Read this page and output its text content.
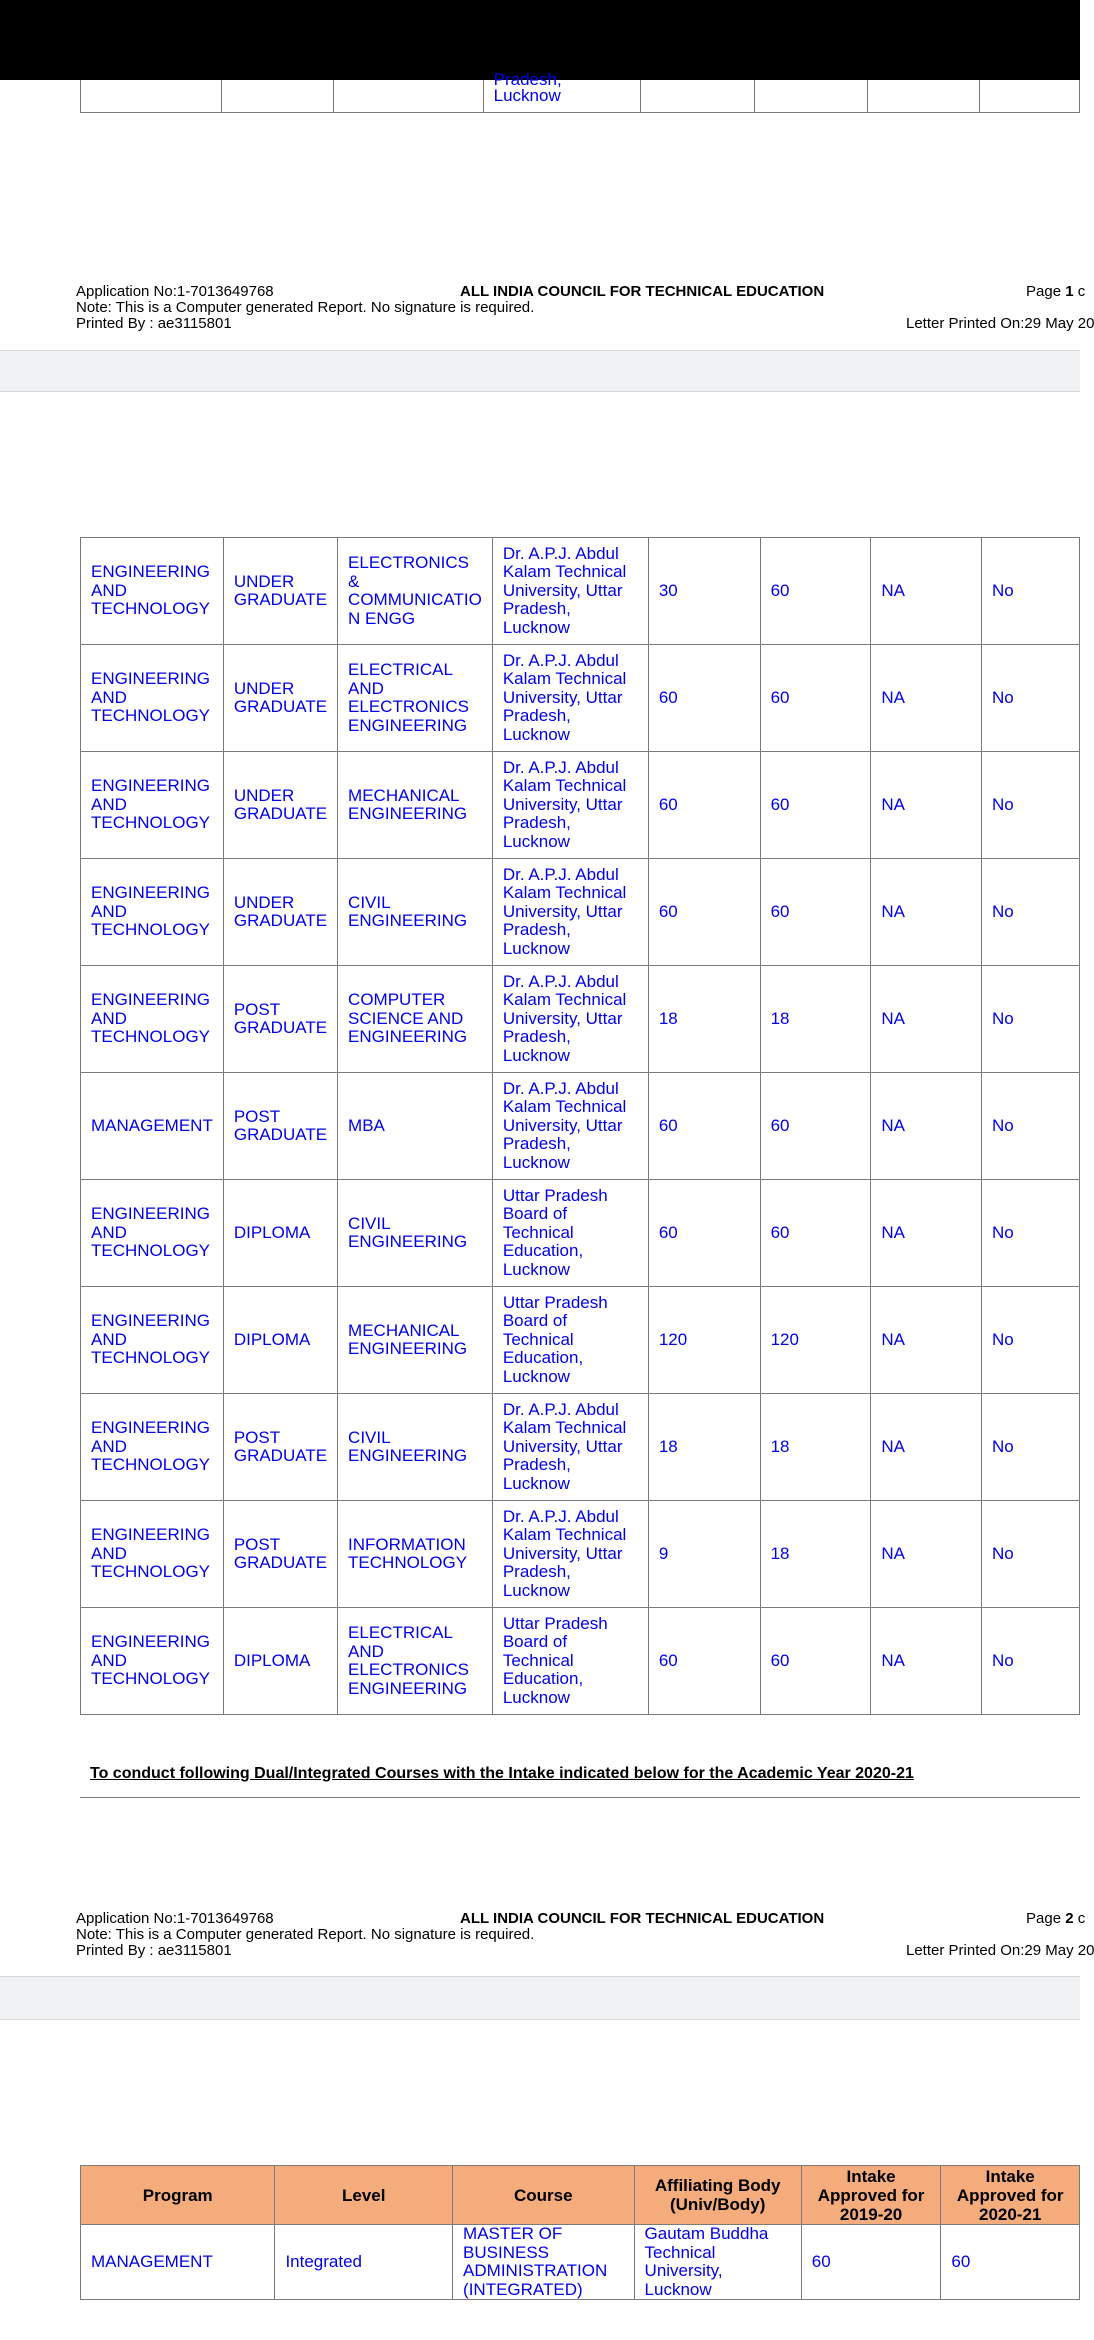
			Pradesh, Lucknow				
Application No:1-7013649768	ALL INDIA COUNCIL FOR TECHNICAL EDUCATION	Page 1 c
Note: This is a Computer generated Report. No signature is required.
Printed By : ae3115801	Letter Printed On:29 May 20
ENGINEERING AND TECHNOLOGY	UNDER GRADUATE	ELECTRONICS & COMMUNICATIO N ENGG	Dr. A.P.J. Abdul Kalam Technical University, Uttar Pradesh, Lucknow	30	60	NA	No
ENGINEERING AND TECHNOLOGY	UNDER GRADUATE	ELECTRICAL AND ELECTRONICS ENGINEERING	Dr. A.P.J. Abdul Kalam Technical University, Uttar Pradesh, Lucknow	60	60	NA	No
ENGINEERING AND TECHNOLOGY	UNDER GRADUATE	MECHANICAL ENGINEERING	Dr. A.P.J. Abdul Kalam Technical University, Uttar Pradesh, Lucknow	60	60	NA	No
ENGINEERING AND TECHNOLOGY	UNDER GRADUATE	CIVIL ENGINEERING	Dr. A.P.J. Abdul Kalam Technical University, Uttar Pradesh, Lucknow	60	60	NA	No
ENGINEERING AND TECHNOLOGY	POST GRADUATE	COMPUTER SCIENCE AND ENGINEERING	Dr. A.P.J. Abdul Kalam Technical University, Uttar Pradesh, Lucknow	18	18	NA	No
MANAGEMENT	POST GRADUATE	MBA	Dr. A.P.J. Abdul Kalam Technical University, Uttar Pradesh, Lucknow	60	60	NA	No
ENGINEERING AND TECHNOLOGY	DIPLOMA	CIVIL ENGINEERING	Uttar Pradesh Board of Technical Education, Lucknow	60	60	NA	No
ENGINEERING AND TECHNOLOGY	DIPLOMA	MECHANICAL ENGINEERING	Uttar Pradesh Board of Technical Education, Lucknow	120	120	NA	No
ENGINEERING AND TECHNOLOGY	POST GRADUATE	CIVIL ENGINEERING	Dr. A.P.J. Abdul Kalam Technical University, Uttar Pradesh, Lucknow	18	18	NA	No
ENGINEERING AND TECHNOLOGY	POST GRADUATE	INFORMATION TECHNOLOGY	Dr. A.P.J. Abdul Kalam Technical University, Uttar Pradesh, Lucknow	9	18	NA	No
ENGINEERING AND TECHNOLOGY	DIPLOMA	ELECTRICAL AND ELECTRONICS ENGINEERING	Uttar Pradesh Board of Technical Education, Lucknow	60	60	NA	No
To conduct following Dual/Integrated Courses with the Intake indicated below for the Academic Year 2020-21
Application No:1-7013649768	ALL INDIA COUNCIL FOR TECHNICAL EDUCATION	Page 2 c
Note: This is a Computer generated Report. No signature is required.
Printed By : ae3115801	Letter Printed On:29 May 20
Program	Level	Course	Affiliating Body (Univ/Body)	Intake Approved for 2019-20	Intake Approved for 2020-21
MANAGEMENT	Integrated	MASTER OF BUSINESS ADMINISTRATION (INTEGRATED)	Gautam Buddha Technical University, Lucknow	60	60
